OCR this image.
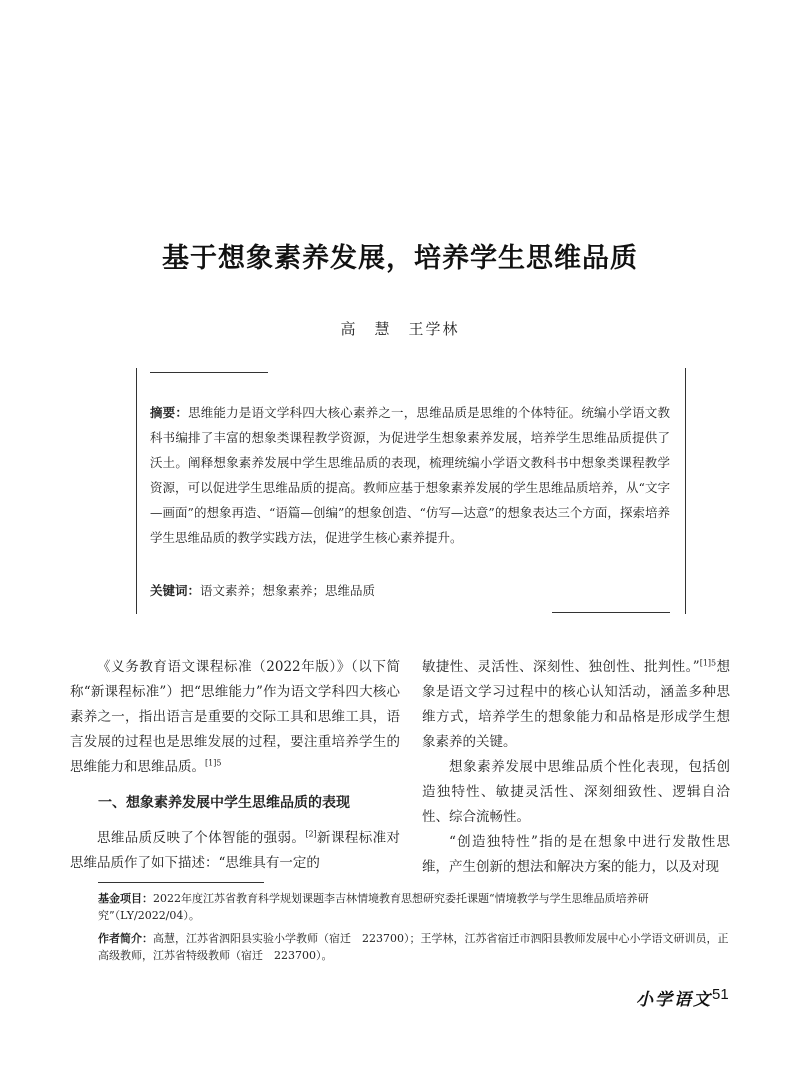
基于想象素养发展，培养学生思维品质
高　慧　王学林
摘要：思维能力是语文学科四大核心素养之一，思维品质是思维的个体特征。统编小学语文教科书编排了丰富的想象类课程教学资源，为促进学生想象素养发展，培养学生思维品质提供了沃土。阐释想象素养发展中学生思维品质的表现，梳理统编小学语文教科书中想象类课程教学资源，可以促进学生思维品质的提高。教师应基于想象素养发展的学生思维品质培养，从“文字—画面”的想象再造、“语篇—创编”的想象创造、“仿写—达意”的想象表达三个方面，探索培养学生思维品质的教学实践方法，促进学生核心素养提升。
关键词：语文素养；想象素养；思维品质

《义务教育语文课程标准（2022年版）》（以下简称“新课程标准”）把“思维能力”作为语文学科四大核心素养之一，指出语言是重要的交际工具和思维工具，语言发展的过程也是思维发展的过程，要注重培养学生的思维能力和思维品质。$^{[1]5}$

一、想象素养发展中学生思维品质的表现

思维品质反映了个体智能的强弱。[2]新课程标准对思维品质作了如下描述：“思维具有一定的

敏捷性、灵活性、深刻性、独创性、批判性。”$^{[1]5}$想象是语文学习过程中的核心认知活动，涵盖多种思维方式，培养学生的想象能力和品格是形成学生想象素养的关键。

想象素养发展中思维品质个性化表现，包括创造独特性、敏捷灵活性、深刻细致性、逻辑自洽性、综合流畅性。

“创造独特性”指的是在想象中进行发散性思维，产生创新的想法和解决方案的能力，以及对现

基金项目：2022年度江苏省教育科学规划课题李吉林情境教育思想研究委托课题“情境教学与学生思维品质培养研究”（LY/2022/04）。

作者简介：高慧，江苏省泗阳县实验小学教师（宿迁　223700）；王学林，江苏省宿迁市泗阳县教师发展中心小学语文研训员，正高级教师，江苏省特级教师（宿迁　223700）。

小学语文 51
